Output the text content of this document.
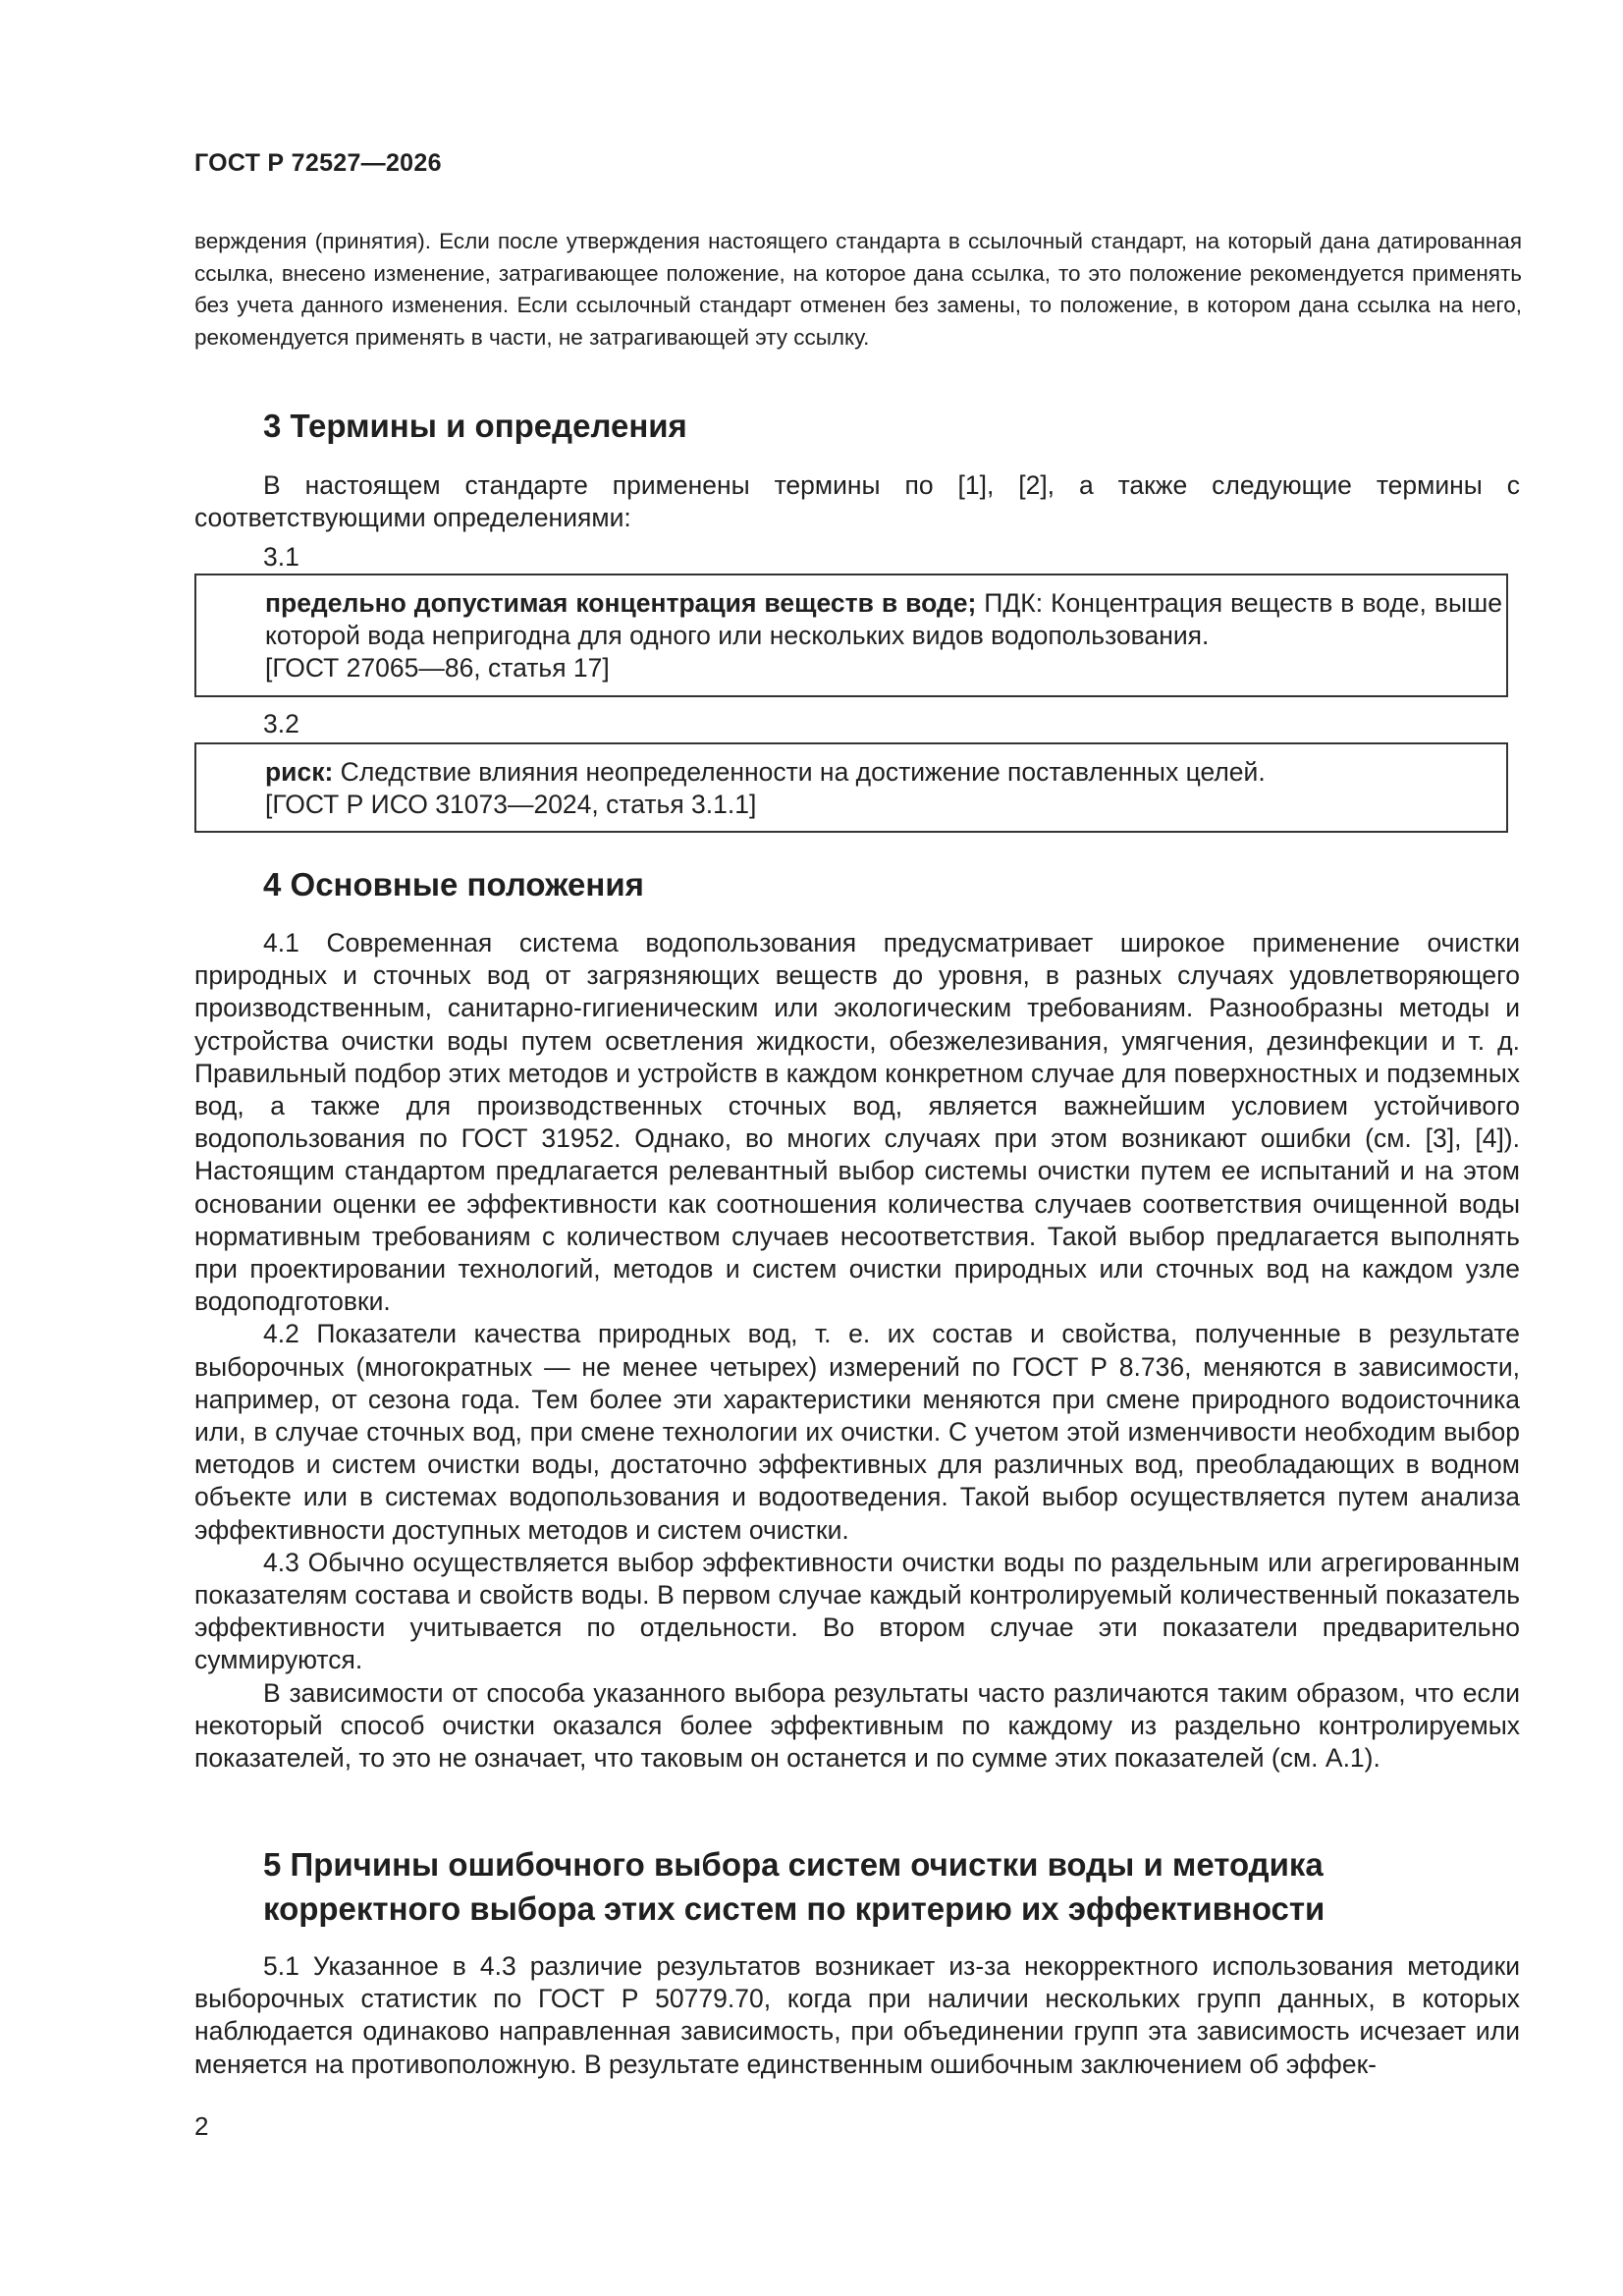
ГОСТ Р 72527—2026

верждения (принятия). Если после утверждения настоящего стандарта в ссылочный стандарт, на который дана датированная ссылка, внесено изменение, затрагивающее положение, на которое дана ссылка, то это положение рекомендуется применять без учета данного изменения. Если ссылочный стандарт отменен без замены, то положение, в котором дана ссылка на него, рекомендуется применять в части, не затрагивающей эту ссылку.

3 Термины и определения

В настоящем стандарте применены термины по [1], [2], а также следующие термины с соответствующими определениями:

3.1

предельно допустимая концентрация веществ в воде; ПДК: Концентрация веществ в воде, выше которой вода непригодна для одного или нескольких видов водопользования.

[ГОСТ 27065—86, статья 17]

3.2

риск: Следствие влияния неопределенности на достижение поставленных целей.

[ГОСТ Р ИСО 31073—2024, статья 3.1.1]

4 Основные положения

4.1 Современная система водопользования предусматривает широкое применение очистки природных и сточных вод от загрязняющих веществ до уровня, в разных случаях удовлетворяющего производственным, санитарно-гигиеническим или экологическим требованиям. Разнообразны методы и устройства очистки воды путем осветления жидкости, обезжелезивания, умягчения, дезинфекции и т. д. Правильный подбор этих методов и устройств в каждом конкретном случае для поверхностных и подземных вод, а также для производственных сточных вод, является важнейшим условием устойчивого водопользования по ГОСТ 31952. Однако, во многих случаях при этом возникают ошибки (см. [3], [4]). Настоящим стандартом предлагается релевантный выбор системы очистки путем ее испытаний и на этом основании оценки ее эффективности как соотношения количества случаев соответствия очищенной воды нормативным требованиям с количеством случаев несоответствия. Такой выбор предлагается выполнять при проектировании технологий, методов и систем очистки природных или сточных вод на каждом узле водоподготовки.

4.2 Показатели качества природных вод, т. е. их состав и свойства, полученные в результате выборочных (многократных — не менее четырех) измерений по ГОСТ Р 8.736, меняются в зависимости, например, от сезона года. Тем более эти характеристики меняются при смене природного водоисточника или, в случае сточных вод, при смене технологии их очистки. С учетом этой изменчивости необходим выбор методов и систем очистки воды, достаточно эффективных для различных вод, преобладающих в водном объекте или в системах водопользования и водоотведения. Такой выбор осуществляется путем анализа эффективности доступных методов и систем очистки.

4.3 Обычно осуществляется выбор эффективности очистки воды по раздельным или агрегированным показателям состава и свойств воды. В первом случае каждый контролируемый количественный показатель эффективности учитывается по отдельности. Во втором случае эти показатели предварительно суммируются.

В зависимости от способа указанного выбора результаты часто различаются таким образом, что если некоторый способ очистки оказался более эффективным по каждому из раздельно контролируемых показателей, то это не означает, что таковым он останется и по сумме этих показателей (см. А.1).

5 Причины ошибочного выбора систем очистки воды и методика
корректного выбора этих систем по критерию их эффективности

5.1 Указанное в 4.3 различие результатов возникает из-за некорректного использования методики выборочных статистик по ГОСТ Р 50779.70, когда при наличии нескольких групп данных, в которых наблюдается одинаково направленная зависимость, при объединении групп эта зависимость исчезает или меняется на противоположную. В результате единственным ошибочным заключением об эффек-

2
